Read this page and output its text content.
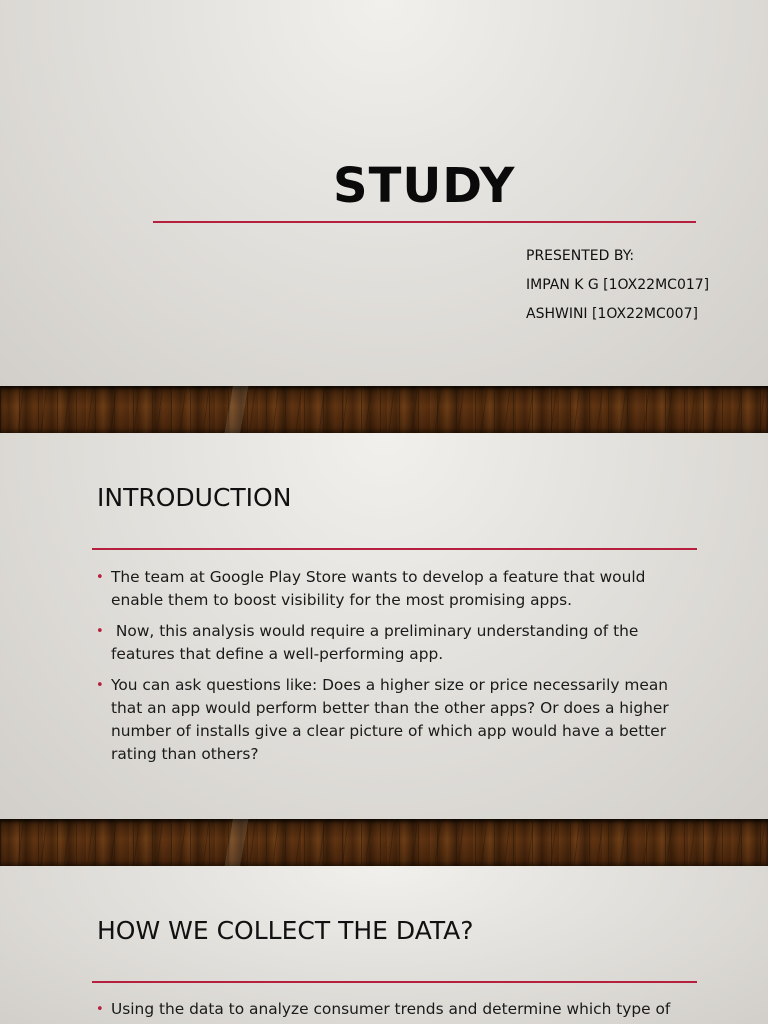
STUDY
PRESENTED BY:
IMPAN K G [1OX22MC017]
ASHWINI [1OX22MC007]
INTRODUCTION
• The team at Google Play Store wants to develop a feature that would enable them to boost visibility for the most promising apps.
• Now, this analysis would require a preliminary understanding of the features that define a well-performing app.
• You can ask questions like: Does a higher size or price necessarily mean that an app would perform better than the other apps? Or does a higher number of installs give a clear picture of which app would have a better rating than others?
HOW WE COLLECT THE DATA?
• Using the data to analyze consumer trends and determine which type of
